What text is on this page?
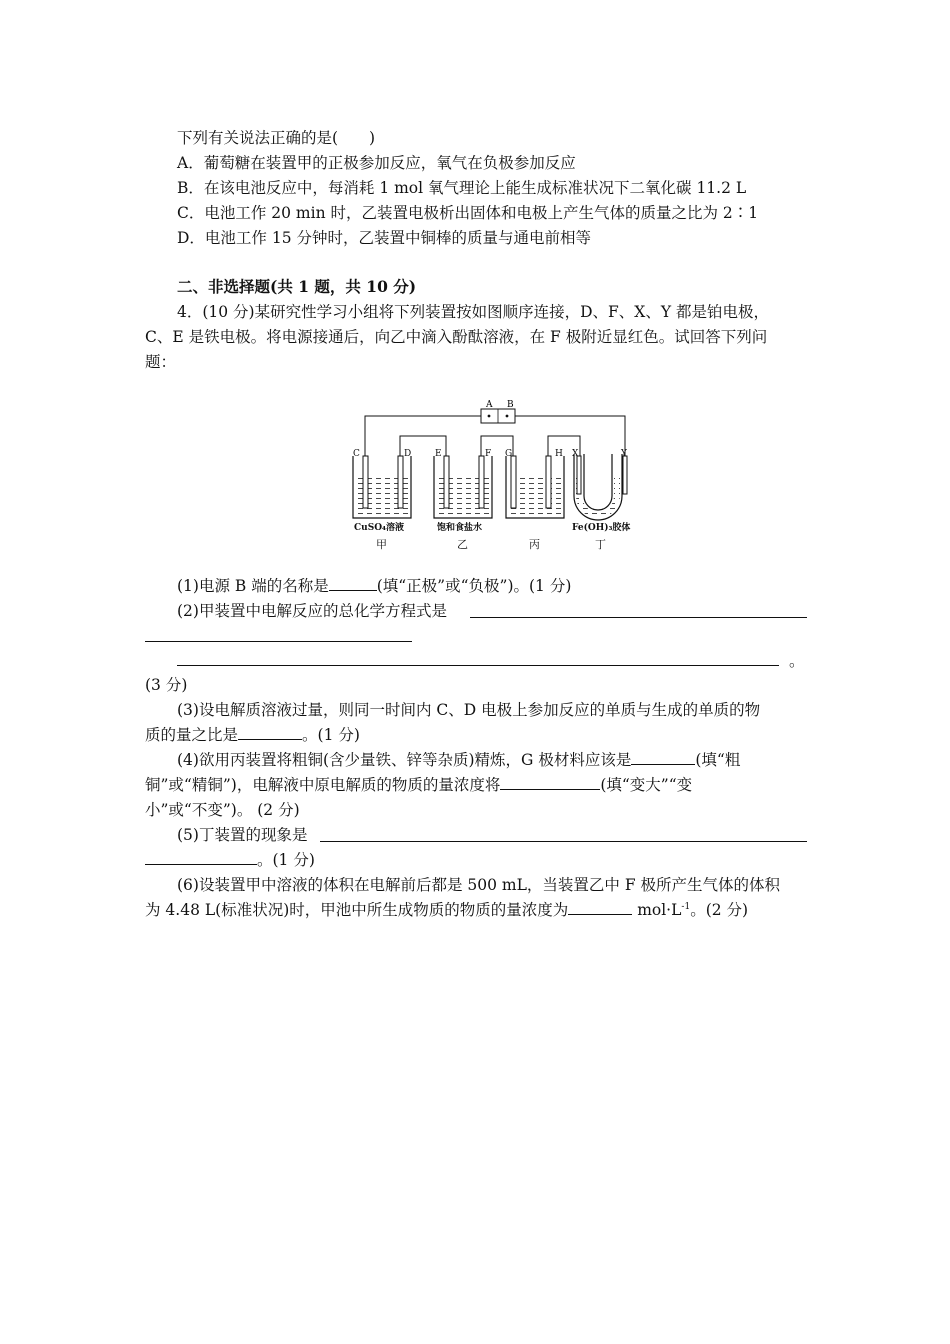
下列有关说法正确的是(　　)
A．葡萄糖在装置甲的正极参加反应，氧气在负极参加反应
B．在该电池反应中，每消耗 1 mol 氧气理论上能生成标准状况下二氧化碳 11.2 L
C．电池工作 20 min 时，乙装置电极析出固体和电极上产生气体的质量之比为 2∶1
D．电池工作 15 分钟时，乙装置中铜棒的质量与通电前相等
二、非选择题(共 1 题，共 10 分)
4．(10 分)某研究性学习小组将下列装置按如图顺序连接，D、F、X、Y 都是铂电极，
C、E 是铁电极。将电源接通后，向乙中滴入酚酞溶液，在 F 极附近显红色。试回答下列问
题：
A B
C	D	E	F G	H X	Y
CuSO₄溶液	饱和食盐水	Fe(OH)₃胶体
甲	乙	丙	丁
(1)电源 B 端的名称是	(填“正极”或“负极”)。(1 分)
(2)甲装置中电解反应的总化学方程式是
。
(3 分)
(3)设电解质溶液过量，则同一时间内 C、D 电极上参加反应的单质与生成的单质的物
质的量之比是	。(1 分)
(4)欲用丙装置将粗铜(含少量铁、锌等杂质)精炼，G 极材料应该是	(填“粗
铜”或“精铜”)，电解液中原电解质的物质的量浓度将	(填“变大”“变
小”或“不变”)。 (2 分)
(5)丁装置的现象是
。(1 分)
(6)设装置甲中溶液的体积在电解前后都是 500 mL，当装置乙中 F 极所产生气体的体积
为 4.48 L(标准状况)时，甲池中所生成物质的物质的量浓度为	$mol\cdot L^{-1}$。(2 分)
